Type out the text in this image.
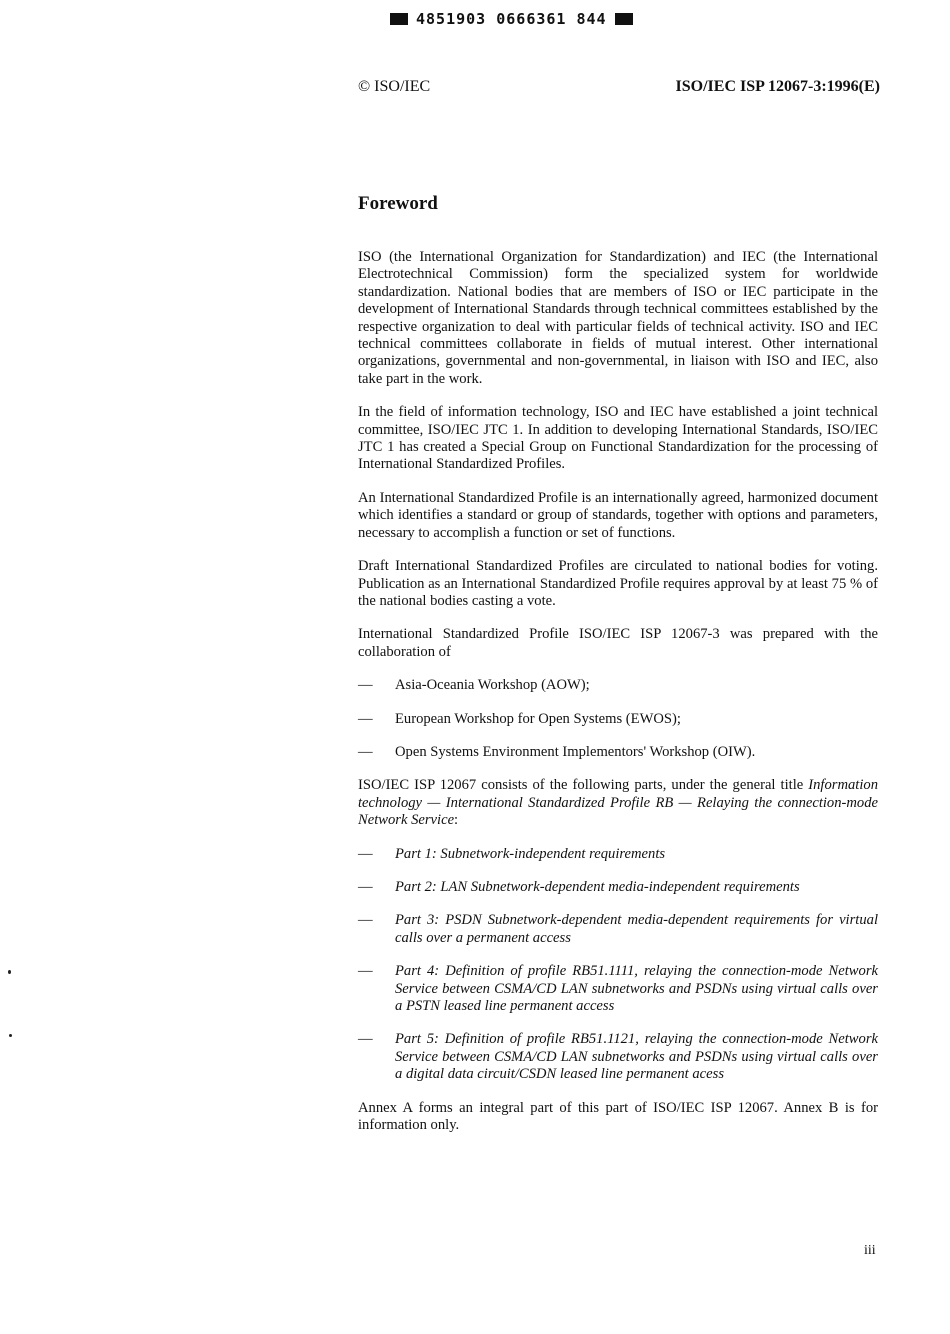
4851903 0666361 844
© ISO/IEC	ISO/IEC ISP 12067-3:1996(E)
Foreword

ISO (the International Organization for Standardization) and IEC (the International Electrotechnical Commission) form the specialized system for worldwide standardization. National bodies that are members of ISO or IEC participate in the development of International Standards through technical committees established by the respective organization to deal with particular fields of technical activity. ISO and IEC technical committees collaborate in fields of mutual interest. Other international organizations, governmental and non-governmental, in liaison with ISO and IEC, also take part in the work.

In the field of information technology, ISO and IEC have established a joint technical committee, ISO/IEC JTC 1. In addition to developing International Standards, ISO/IEC JTC 1 has created a Special Group on Functional Standardization for the processing of International Standardized Profiles.

An International Standardized Profile is an internationally agreed, harmonized document which identifies a standard or group of standards, together with options and parameters, necessary to accomplish a function or set of functions.

Draft International Standardized Profiles are circulated to national bodies for voting. Publication as an International Standardized Profile requires approval by at least 75 % of the national bodies casting a vote.

International Standardized Profile ISO/IEC ISP 12067-3 was prepared with the collaboration of

—	Asia-Oceania Workshop (AOW);
—	European Workshop for Open Systems (EWOS);
—	Open Systems Environment Implementors' Workshop (OIW).

ISO/IEC ISP 12067 consists of the following parts, under the general title Information technology — International Standardized Profile RB — Relaying the connection-mode Network Service:

—	Part 1: Subnetwork-independent requirements
—	Part 2: LAN Subnetwork-dependent media-independent requirements
—	Part 3: PSDN Subnetwork-dependent media-dependent requirements for virtual calls over a permanent access
—	Part 4: Definition of profile RB51.1111, relaying the connection-mode Network Service between CSMA/CD LAN subnetworks and PSDNs using virtual calls over a PSTN leased line permanent access
—	Part 5: Definition of profile RB51.1121, relaying the connection-mode Network Service between CSMA/CD LAN subnetworks and PSDNs using virtual calls over a digital data circuit/CSDN leased line permanent acess

Annex A forms an integral part of this part of ISO/IEC ISP 12067. Annex B is for information only.

iii
